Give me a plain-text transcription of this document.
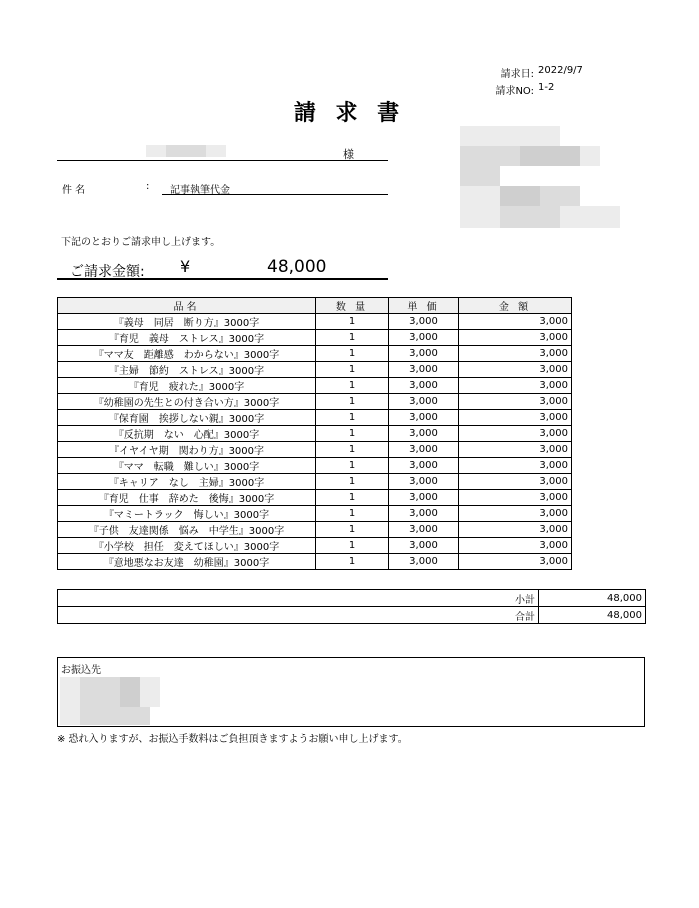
請求日: 2022/9/7
請求NO: 1-2
請 求 書
様
件 名	: 記事執筆代金
下記のとおりご請求申し上げます。
ご請求金額: ¥	48,000
品名	数 量	単 価	金 額
『義母　同居　断り方』3000字	1	3,000	3,000
『育児　義母　ストレス』3000字	1	3,000	3,000
『ママ友　距離感　わからない』3000字	1	3,000	3,000
『主婦　節約　ストレス』3000字	1	3,000	3,000
『育児　疲れた』3000字	1	3,000	3,000
『幼稚園の先生との付き合い方』3000字	1	3,000	3,000
『保育園　挨拶しない親』3000字	1	3,000	3,000
『反抗期　ない　心配』3000字	1	3,000	3,000
『イヤイヤ期　関わり方』3000字	1	3,000	3,000
『ママ　転職　難しい』3000字	1	3,000	3,000
『キャリア　なし　主婦』3000字	1	3,000	3,000
『育児　仕事　辞めた　後悔』3000字	1	3,000	3,000
『マミートラック　悔しい』3000字	1	3,000	3,000
『子供　友達関係　悩み　中学生』3000字	1	3,000	3,000
『小学校　担任　変えてほしい』3000字	1	3,000	3,000
『意地悪なお友達　幼稚園』3000字	1	3,000	3,000
小計	48,000
合計	48,000
お振込先
※ 恐れ入りますが、お振込手数料はご負担頂きますようお願い申し上げます。
